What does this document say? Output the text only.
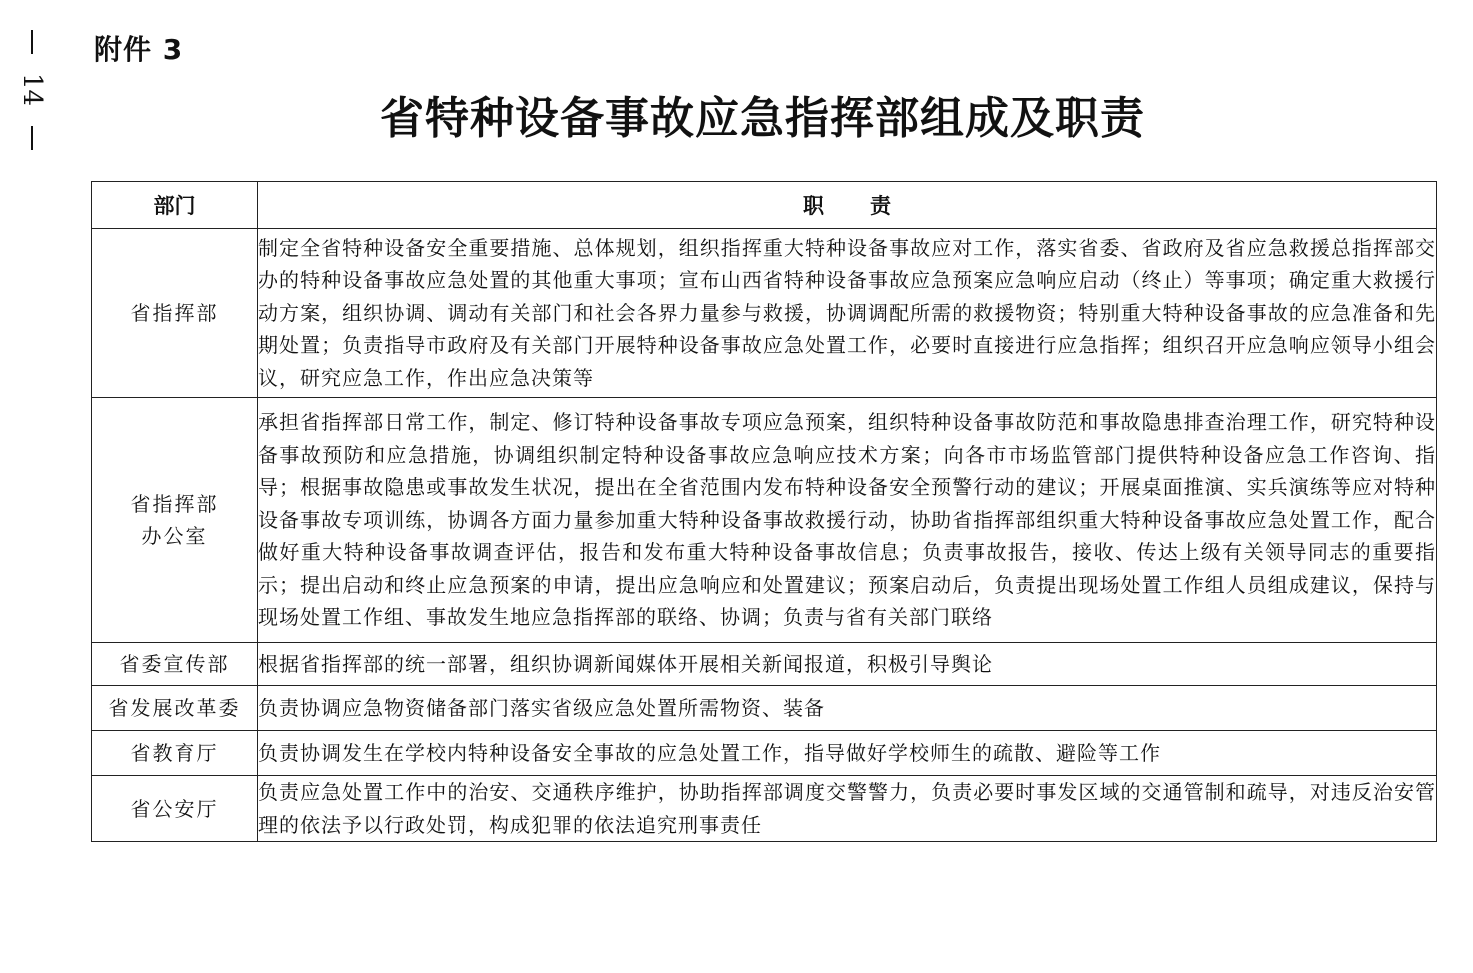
14
附件 3
省特种设备事故应急指挥部组成及职责
部门	职责

省指挥部	制定全省特种设备安全重要措施、总体规划，组织指挥重大特种设备事故应对工作，落实省委、省政府及省应急救援总指挥部交办的特种设备事故应急处置的其他重大事项；宣布山西省特种设备事故应急预案应急响应启动（终止）等事项；确定重大救援行动方案，组织协调、调动有关部门和社会各界力量参与救援，协调调配所需的救援物资；特别重大特种设备事故的应急准备和先期处置；负责指导市政府及有关部门开展特种设备事故应急处置工作，必要时直接进行应急指挥；组织召开应急响应领导小组会议，研究应急工作，作出应急决策等

省指挥部
办公室	承担省指挥部日常工作，制定、修订特种设备事故专项应急预案，组织特种设备事故防范和事故隐患排查治理工作，研究特种设备事故预防和应急措施，协调组织制定特种设备事故应急响应技术方案；向各市市场监管部门提供特种设备应急工作咨询、指导；根据事故隐患或事故发生状况，提出在全省范围内发布特种设备安全预警行动的建议；开展桌面推演、实兵演练等应对特种设备事故专项训练，协调各方面力量参加重大特种设备事故救援行动，协助省指挥部组织重大特种设备事故应急处置工作，配合做好重大特种设备事故调查评估，报告和发布重大特种设备事故信息；负责事故报告，接收、传达上级有关领导同志的重要指示；提出启动和终止应急预案的申请，提出应急响应和处置建议；预案启动后，负责提出现场处置工作组人员组成建议，保持与现场处置工作组、事故发生地应急指挥部的联络、协调；负责与省有关部门联络

省委宣传部	根据省指挥部的统一部署，组织协调新闻媒体开展相关新闻报道，积极引导舆论

省发展改革委	负责协调应急物资储备部门落实省级应急处置所需物资、装备

省教育厅	负责协调发生在学校内特种设备安全事故的应急处置工作，指导做好学校师生的疏散、避险等工作

省公安厅	负责应急处置工作中的治安、交通秩序维护，协助指挥部调度交警警力，负责必要时事发区域的交通管制和疏导，对违反治安管理的依法予以行政处罚，构成犯罪的依法追究刑事责任
